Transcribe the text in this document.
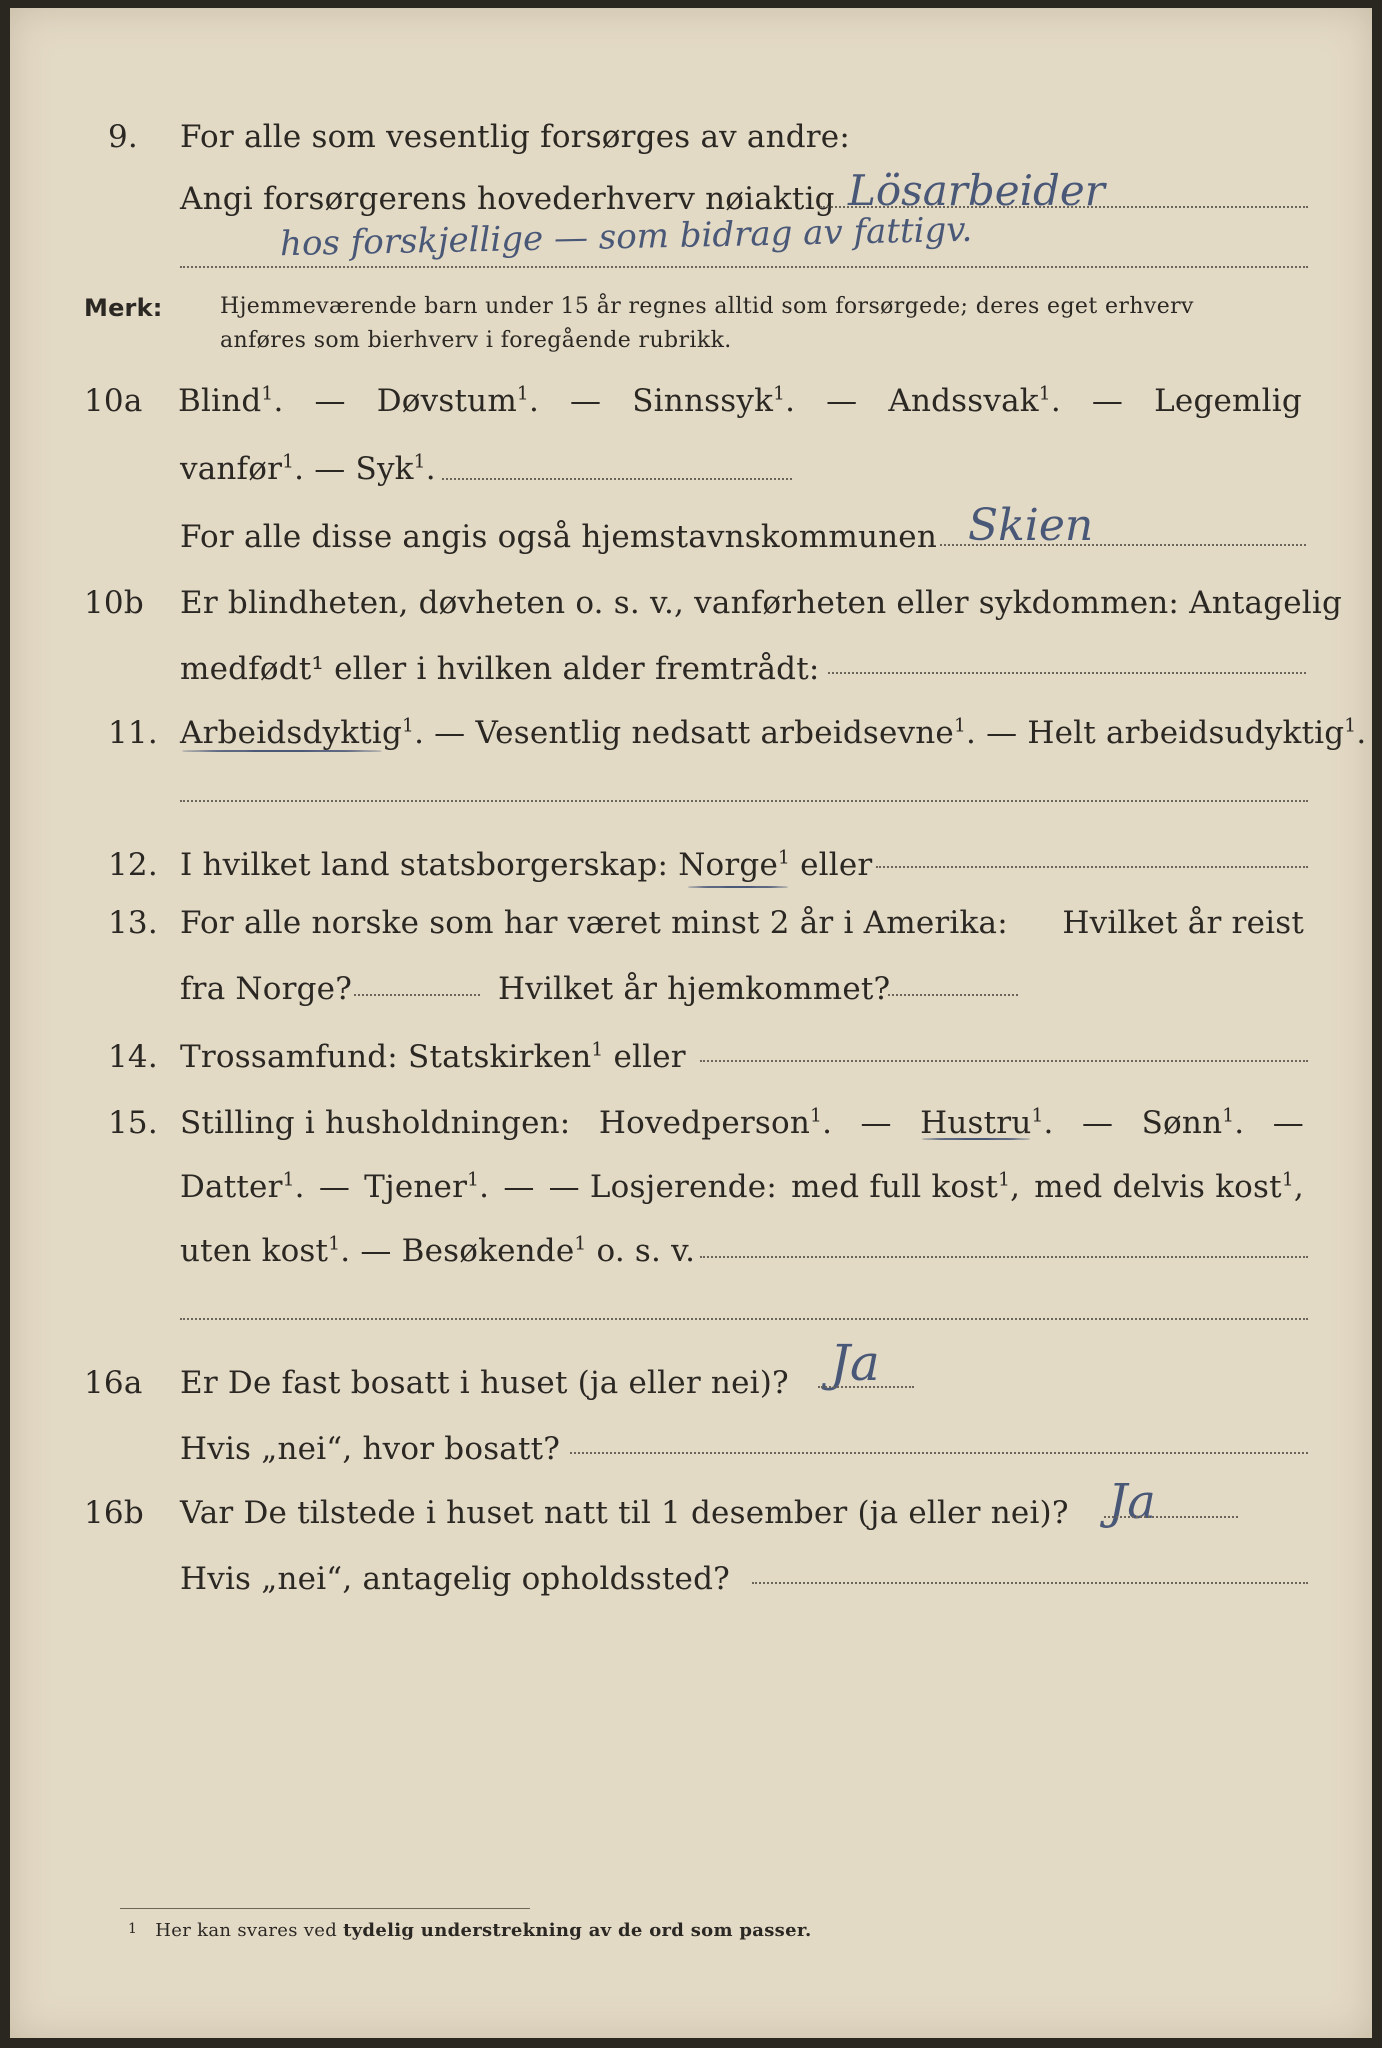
9. For alle som vesentlig forsørges av andre:
Angi forsørgerens hovederhverv nøiaktig Lösarbeider
hos forskjellige — som bidrag av fattigv.
Merk:	Hjemmeværende barn under 15 år regnes alltid som forsørgede; deres eget erhverv
anføres som bierhverv i foregående rubrikk.
10a Blind$^1$. — Døvstum$^1$. — Sinnssyk$^1$. — Andssvak$^1$. — Legemlig
vanfør$^1$. — Syk$^1$.
For alle disse angis også hjemstavnskommunen Skien
10b Er blindheten, døvheten o. s. v., vanførheten eller sykdommen: Antagelig
medfødt¹ eller i hvilken alder fremtrådt:
11. Arbeidsdyktig$^1$. — Vesentlig nedsatt arbeidsevne$^1$. — Helt arbeidsudyktig$^1$.
12. I hvilket land statsborgerskap: Norge$^1$ eller
13. For alle norske som har været minst 2 år i Amerika: Hvilket år reist
fra Norge?	Hvilket år hjemkommet?
14. Trossamfund: Statskirken$^1$ eller
15. Stilling i husholdningen: Hovedperson$^1$. — Hustru$^1$. — Sønn$^1$. —
Datter$^1$. — Tjener$^1$. — — Losjerende: med full kost$^1$, med delvis kost$^1$,
uten kost$^1$. — Besøkende$^1$ o. s. v.
16a Er De fast bosatt i huset (ja eller nei)? Ja
Hvis „nei“, hvor bosatt?
16b Var De tilstede i huset natt til 1 desember (ja eller nei)? Ja
Hvis „nei“, antagelig opholdssted?
$^1$ Her kan svares ved tydelig understrekning av de ord som passer.
